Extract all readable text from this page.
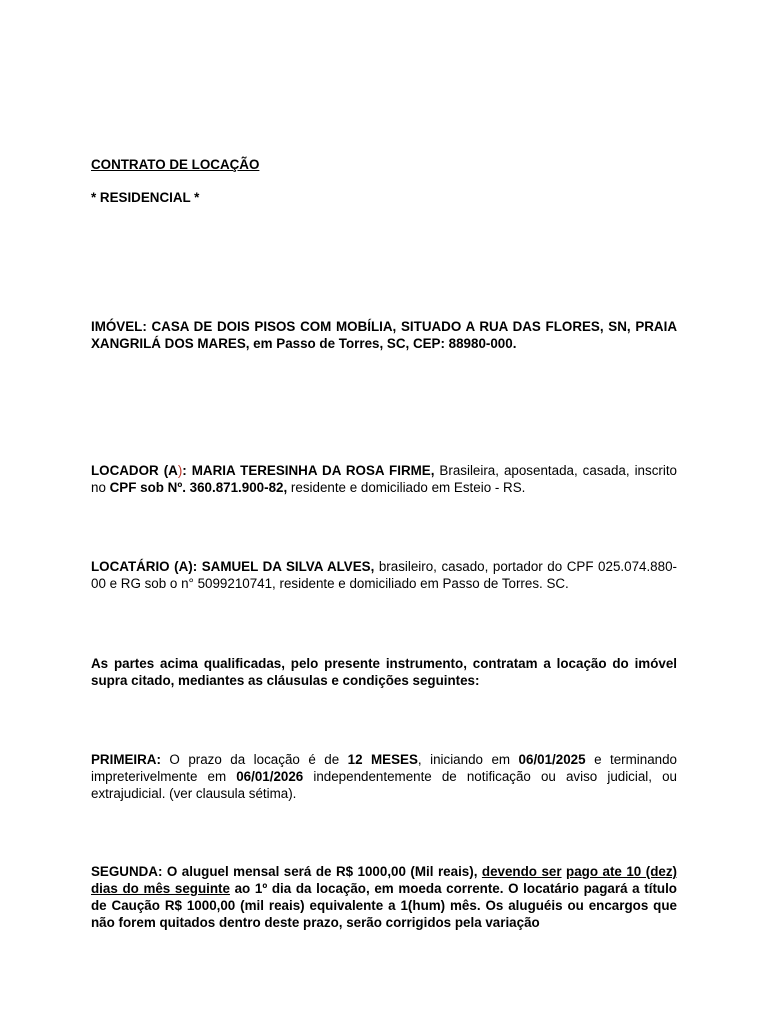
CONTRATO DE LOCAÇÃO

* RESIDENCIAL *

IMÓVEL: CASA DE DOIS PISOS COM MOBÍLIA, SITUADO A RUA DAS FLORES, SN, PRAIA XANGRILÁ DOS MARES, em Passo de Torres, SC, CEP: 88980-000.

LOCADOR (A): MARIA TERESINHA DA ROSA FIRME, Brasileira, aposentada, casada, inscrito no CPF sob Nº. 360.871.900-82, residente e domiciliado em Esteio - RS.

LOCATÁRIO (A): SAMUEL DA SILVA ALVES, brasileiro, casado, portador do CPF 025.074.880-00 e RG sob o n° 5099210741, residente e domiciliado em Passo de Torres. SC.

As partes acima qualificadas, pelo presente instrumento, contratam a locação do imóvel supra citado, mediantes as cláusulas e condições seguintes:

PRIMEIRA: O prazo da locação é de 12 MESES, iniciando em 06/01/2025 e terminando impreterivelmente em 06/01/2026 independentemente de notificação ou aviso judicial, ou extrajudicial. (ver clausula sétima).

SEGUNDA: O aluguel mensal será de R$ 1000,00 (Mil reais), devendo ser pago ate 10 (dez) dias do mês seguinte ao 1º dia da locação, em moeda corrente. O locatário pagará a título de Caução R$ 1000,00 (mil reais) equivalente a 1(hum) mês. Os aluguéis ou encargos que não forem quitados dentro deste prazo, serão corrigidos pela variação
